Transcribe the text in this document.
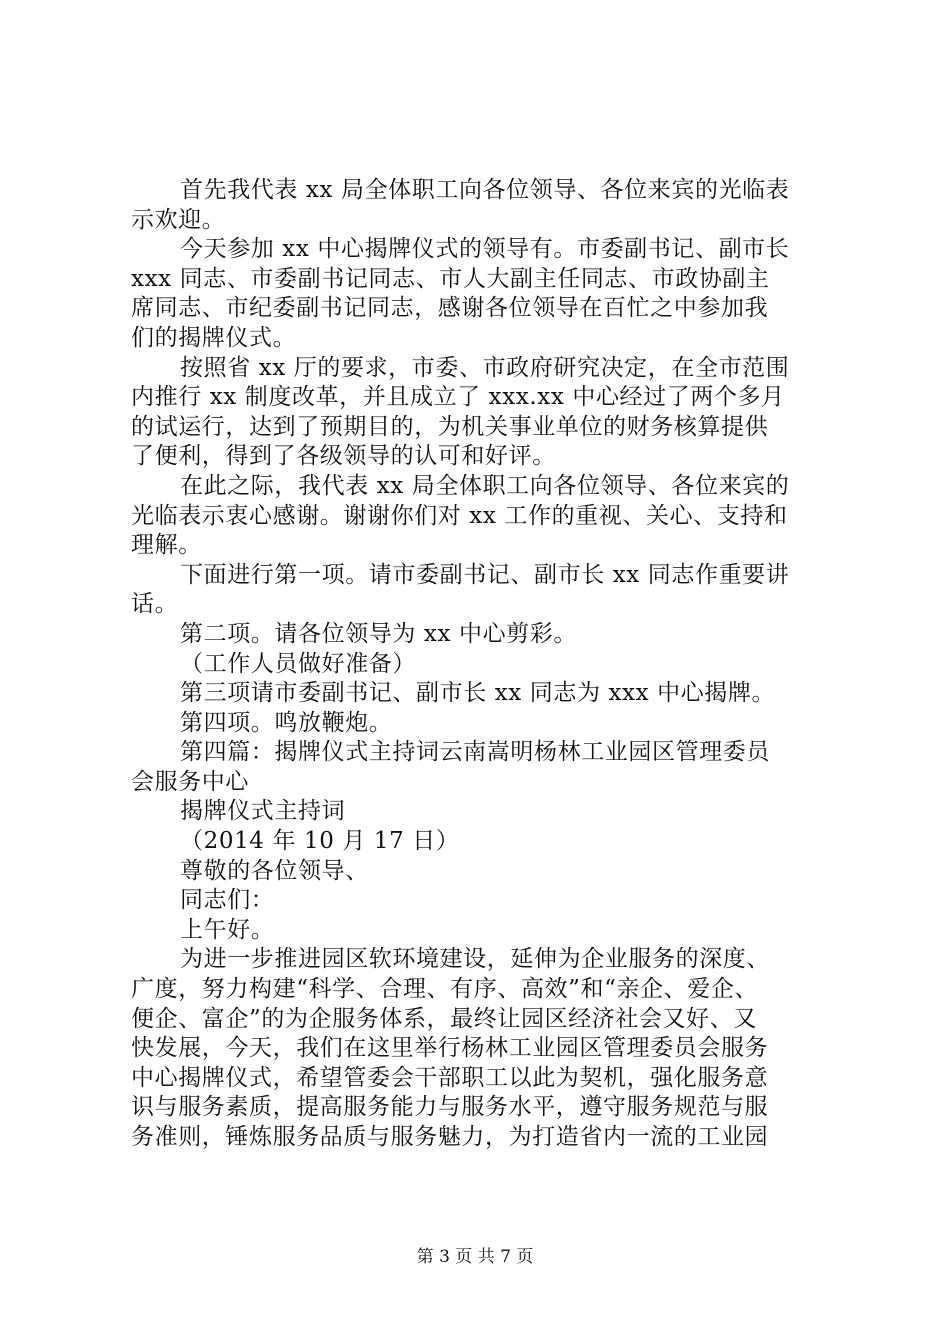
首先我代表 xx 局全体职工向各位领导、各位来宾的光临表
示欢迎。
今天参加 xx 中心揭牌仪式的领导有。市委副书记、副市长
xxx 同志、市委副书记同志、市人大副主任同志、市政协副主
席同志、市纪委副书记同志，感谢各位领导在百忙之中参加我
们的揭牌仪式。
按照省 xx 厅的要求，市委、市政府研究决定，在全市范围
内推行 xx 制度改革，并且成立了 xxx.xx 中心经过了两个多月
的试运行，达到了预期目的，为机关事业单位的财务核算提供
了便利，得到了各级领导的认可和好评。
在此之际，我代表 xx 局全体职工向各位领导、各位来宾的
光临表示衷心感谢。谢谢你们对 xx 工作的重视、关心、支持和
理解。
下面进行第一项。请市委副书记、副市长 xx 同志作重要讲
话。
第二项。请各位领导为 xx 中心剪彩。
（工作人员做好准备）
第三项请市委副书记、副市长 xx 同志为 xxx 中心揭牌。
第四项。鸣放鞭炮。
第四篇：揭牌仪式主持词云南嵩明杨林工业园区管理委员
会服务中心
揭牌仪式主持词
（2014 年 10 月 17 日）
尊敬的各位领导、
同志们：
上午好。
为进一步推进园区软环境建设，延伸为企业服务的深度、
广度，努力构建“科学、合理、有序、高效”和“亲企、爱企、
便企、富企”的为企服务体系，最终让园区经济社会又好、又
快发展，今天，我们在这里举行杨林工业园区管理委员会服务
中心揭牌仪式，希望管委会干部职工以此为契机，强化服务意
识与服务素质，提高服务能力与服务水平，遵守服务规范与服
务准则，锤炼服务品质与服务魅力，为打造省内一流的工业园
第 3 页 共 7 页
